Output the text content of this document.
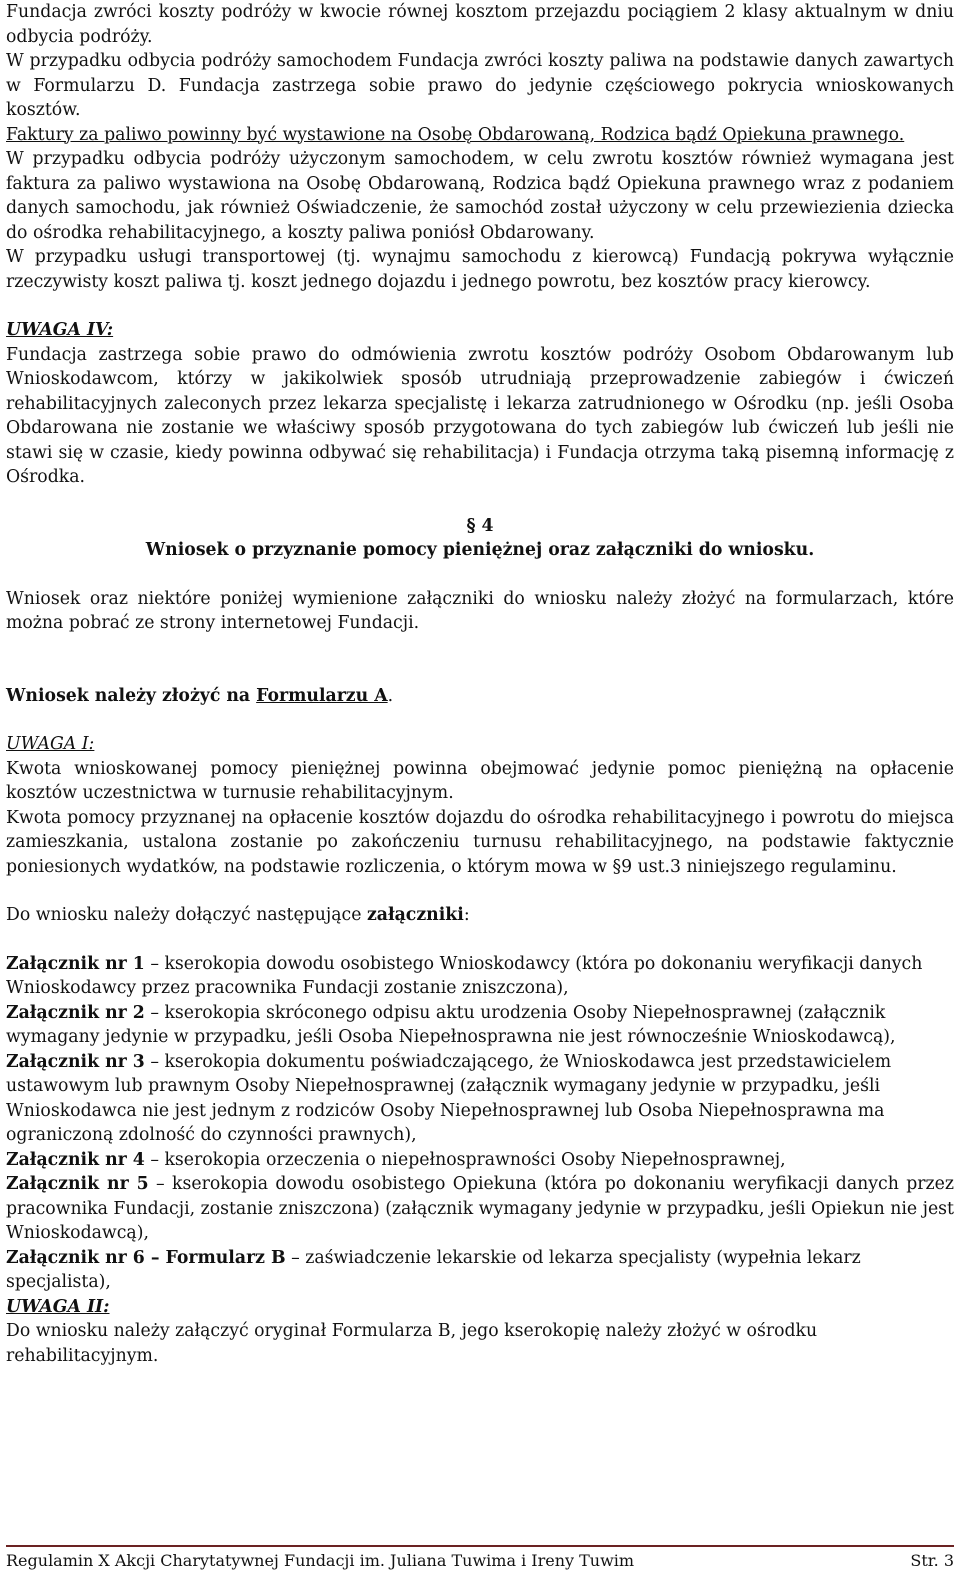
Fundacja zwróci koszty podróży w kwocie równej kosztom przejazdu pociągiem 2 klasy aktualnym w dniu odbycia podróży.

W przypadku odbycia podróży samochodem Fundacja zwróci koszty paliwa na podstawie danych zawartych w Formularzu D. Fundacja zastrzega sobie prawo do jedynie częściowego pokrycia wnioskowanych kosztów.

Faktury za paliwo powinny być wystawione na Osobę Obdarowaną, Rodzica bądź Opiekuna prawnego.

W przypadku odbycia podróży użyczonym samochodem, w celu zwrotu kosztów również wymagana jest faktura za paliwo wystawiona na Osobę Obdarowaną, Rodzica bądź Opiekuna prawnego wraz z podaniem danych samochodu, jak również Oświadczenie, że samochód został użyczony w celu przewiezienia dziecka do ośrodka rehabilitacyjnego, a koszty paliwa poniósł Obdarowany.

W przypadku usługi transportowej (tj. wynajmu samochodu z kierowcą) Fundacją pokrywa wyłącznie rzeczywisty koszt paliwa tj. koszt jednego dojazdu i jednego powrotu, bez kosztów pracy kierowcy.

UWAGA IV:

Fundacja zastrzega sobie prawo do odmówienia zwrotu kosztów podróży Osobom Obdarowanym lub Wnioskodawcom, którzy w jakikolwiek sposób utrudniają przeprowadzenie zabiegów i ćwiczeń rehabilitacyjnych zaleconych przez lekarza specjalistę i lekarza zatrudnionego w Ośrodku (np. jeśli Osoba Obdarowana nie zostanie we właściwy sposób przygotowana do tych zabiegów lub ćwiczeń lub jeśli nie stawi się w czasie, kiedy powinna odbywać się rehabilitacja) i Fundacja otrzyma taką pisemną informację z Ośrodka.

§ 4

Wniosek o przyznanie pomocy pieniężnej oraz załączniki do wniosku.

Wniosek oraz niektóre poniżej wymienione załączniki do wniosku należy złożyć na formularzach, które można pobrać ze strony internetowej Fundacji.

Wniosek należy złożyć na Formularzu A.

UWAGA I:

Kwota wnioskowanej pomocy pieniężnej powinna obejmować jedynie pomoc pieniężną na opłacenie kosztów uczestnictwa w turnusie rehabilitacyjnym.

Kwota pomocy przyznanej na opłacenie kosztów dojazdu do ośrodka rehabilitacyjnego i powrotu do miejsca zamieszkania, ustalona zostanie po zakończeniu turnusu rehabilitacyjnego, na podstawie faktycznie poniesionych wydatków, na podstawie rozliczenia, o którym mowa w §9 ust.3 niniejszego regulaminu.

Do wniosku należy dołączyć następujące załączniki:

Załącznik nr 1 – kserokopia dowodu osobistego Wnioskodawcy (która po dokonaniu weryfikacji danych Wnioskodawcy przez pracownika Fundacji zostanie zniszczona),

Załącznik nr 2 – kserokopia skróconego odpisu aktu urodzenia Osoby Niepełnosprawnej (załącznik wymagany jedynie w przypadku, jeśli Osoba Niepełnosprawna nie jest równocześnie Wnioskodawcą),

Załącznik nr 3 – kserokopia dokumentu poświadczającego, że Wnioskodawca jest przedstawicielem ustawowym lub prawnym Osoby Niepełnosprawnej (załącznik wymagany jedynie w przypadku, jeśli Wnioskodawca nie jest jednym z rodziców Osoby Niepełnosprawnej lub Osoba Niepełnosprawna ma ograniczoną zdolność do czynności prawnych),

Załącznik nr 4 – kserokopia orzeczenia o niepełnosprawności Osoby Niepełnosprawnej,

Załącznik nr 5 – kserokopia dowodu osobistego Opiekuna (która po dokonaniu weryfikacji danych przez pracownika Fundacji, zostanie zniszczona) (załącznik wymagany jedynie w przypadku, jeśli Opiekun nie jest Wnioskodawcą),

Załącznik nr 6 – Formularz B – zaświadczenie lekarskie od lekarza specjalisty (wypełnia lekarz specjalista),

UWAGA II:

Do wniosku należy załączyć oryginał Formularza B, jego kserokopię należy złożyć w ośrodku rehabilitacyjnym.

Regulamin X Akcji Charytatywnej Fundacji im. Juliana Tuwima i Ireny Tuwim	Str. 3
